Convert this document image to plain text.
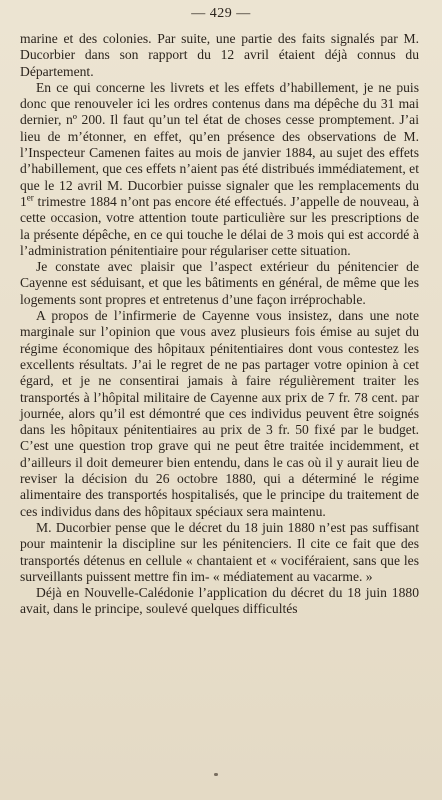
— 429 —

marine et des colonies. Par suite, une partie des faits signalés par M. Ducorbier dans son rapport du 12 avril étaient déjà connus du Département.

En ce qui concerne les livrets et les effets d’habillement, je ne puis donc que renouveler ici les ordres contenus dans ma dépêche du 31 mai dernier, nº 200. Il faut qu’un tel état de choses cesse promptement. J’ai lieu de m’étonner, en effet, qu’en présence des observations de M. l’Inspecteur Camenen faites au mois de janvier 1884, au sujet des effets d’habillement, que ces effets n’aient pas été distribués immédiatement, et que le 12 avril M. Ducorbier puisse signaler que les remplacements du 1er trimestre 1884 n’ont pas encore été effectués. J’appelle de nouveau, à cette occasion, votre attention toute particulière sur les prescriptions de la présente dépêche, en ce qui touche le délai de 3 mois qui est accordé à l’administration pénitentiaire pour régulariser cette situation.

Je constate avec plaisir que l’aspect extérieur du pénitencier de Cayenne est séduisant, et que les bâtiments en général, de même que les logements sont propres et entretenus d’une façon irréprochable.

A propos de l’infirmerie de Cayenne vous insistez, dans une note marginale sur l’opinion que vous avez plusieurs fois émise au sujet du régime économique des hôpitaux pénitentiaires dont vous contestez les excellents résultats. J’ai le regret de ne pas partager votre opinion à cet égard, et je ne consentirai jamais à faire régulièrement traiter les transportés à l’hôpital militaire de Cayenne aux prix de 7 fr. 78 cent. par journée, alors qu’il est démontré que ces individus peuvent être soignés dans les hôpitaux pénitentiaires au prix de 3 fr. 50 fixé par le budget. C’est une question trop grave qui ne peut être traitée incidemment, et d’ailleurs il doit demeurer bien entendu, dans le cas où il y aurait lieu de reviser la décision du 26 octobre 1880, qui a déterminé le régime alimentaire des transportés hospitalisés, que le principe du traitement de ces individus dans des hôpitaux spéciaux sera maintenu.

M. Ducorbier pense que le décret du 18 juin 1880 n’est pas suffisant pour maintenir la discipline sur les pénitenciers. Il cite ce fait que des transportés détenus en cellule « chantaient et « vociféraient, sans que les surveillants puissent mettre fin im- « médiatement au vacarme. »

Déjà en Nouvelle-Calédonie l’application du décret du 18 juin 1880 avait, dans le principe, soulevé quelques difficultés
